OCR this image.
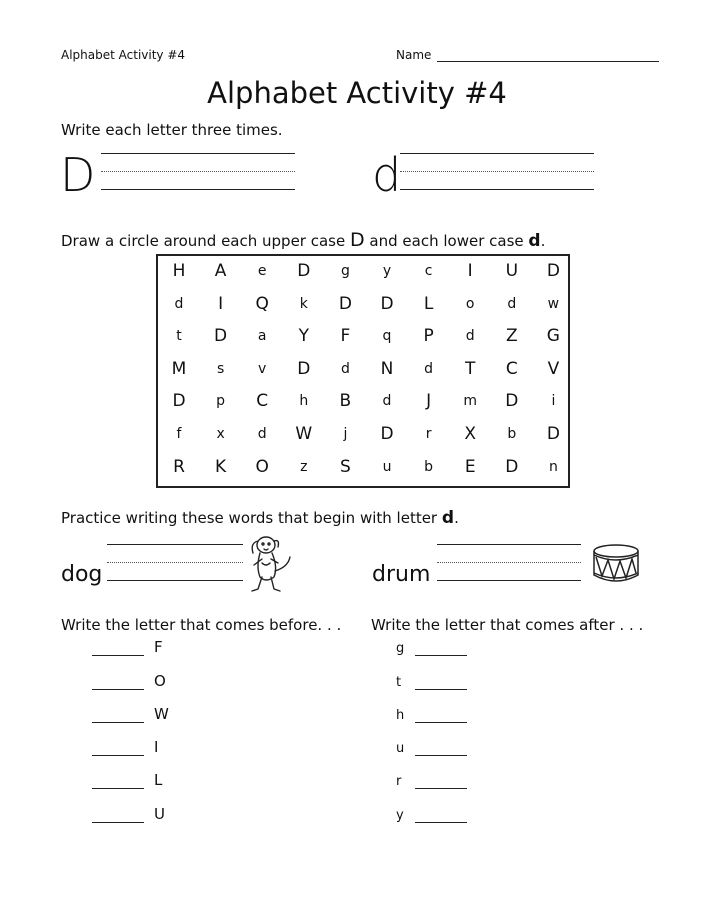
Alphabet Activity #4	Name
Alphabet Activity #4
Write each letter three times.
D	d
Draw a circle around each upper case D and each lower case d.
H	A	e	D	g	y	c	I	U	D
d	I	Q	k	D	D	L	o	d	w
t	D	a	Y	F	q	P	d	Z	G
M	s	v	D	d	N	d	T	C	V
D	p	C	h	B	d	J	m	D	i
f	x	d	W	j	D	r	X	b	D
R	K	O	z	S	u	b	E	D	n
Practice writing these words that begin with letter d.
dog	drum
Write the letter that comes before. . . Write the letter that comes after . . .
F
O
W
I
L
U
g
t
h
u
r
y
